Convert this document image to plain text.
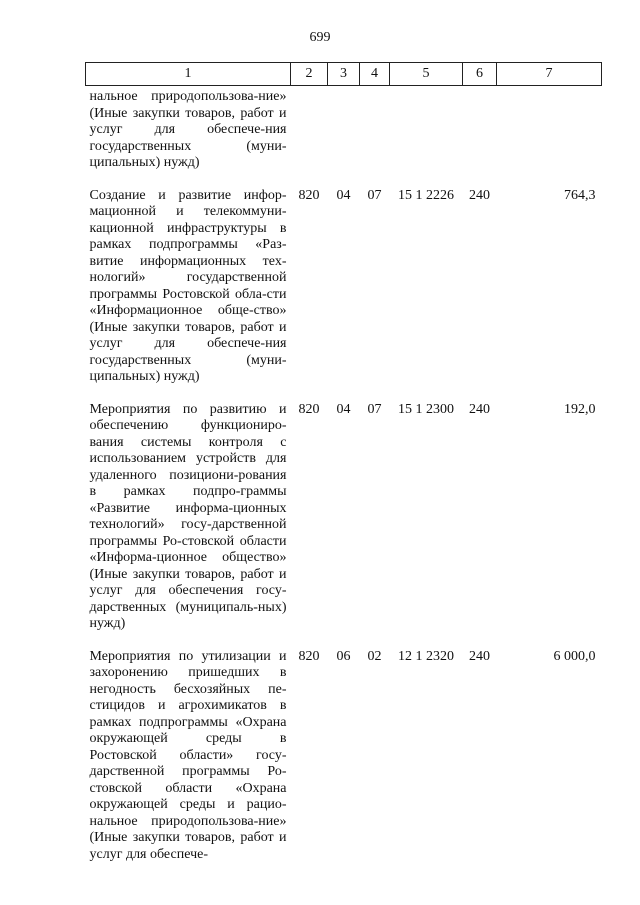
699
1	2	3	4	5	6	7
нальное природопользова-ние» (Иные закупки товаров, работ и услуг для обеспече-ния государственных (муни-ципальных) нужд)						
Создание и развитие инфор-мационной и телекоммуни-кационной инфраструктуры в рамках подпрограммы «Раз-витие информационных тех-нологий» государственной программы Ростовской обла-сти «Информационное обще-ство» (Иные закупки товаров, работ и услуг для обеспече-ния государственных (муни-ципальных) нужд)	820	04	07	15 1 2226	240	764,3
Мероприятия по развитию и обеспечению функциониро-вания системы контроля с использованием устройств для удаленного позициони-рования в рамках подпро-граммы «Развитие информа-ционных технологий» госу-дарственной программы Ро-стовской области «Информа-ционное общество» (Иные закупки товаров, работ и услуг для обеспечения госу-дарственных (муниципаль-ных) нужд)	820	04	07	15 1 2300	240	192,0
Мероприятия по утилизации и захоронению пришедших в негодность бесхозяйных пе-стицидов и агрохимикатов в рамках подпрограммы «Охрана окружающей среды в Ростовской области» госу-дарственной программы Ро-стовской области «Охрана окружающей среды и рацио-нальное природопользова-ние» (Иные закупки товаров, работ и услуг для обеспече-	820	06	02	12 1 2320	240	6 000,0
